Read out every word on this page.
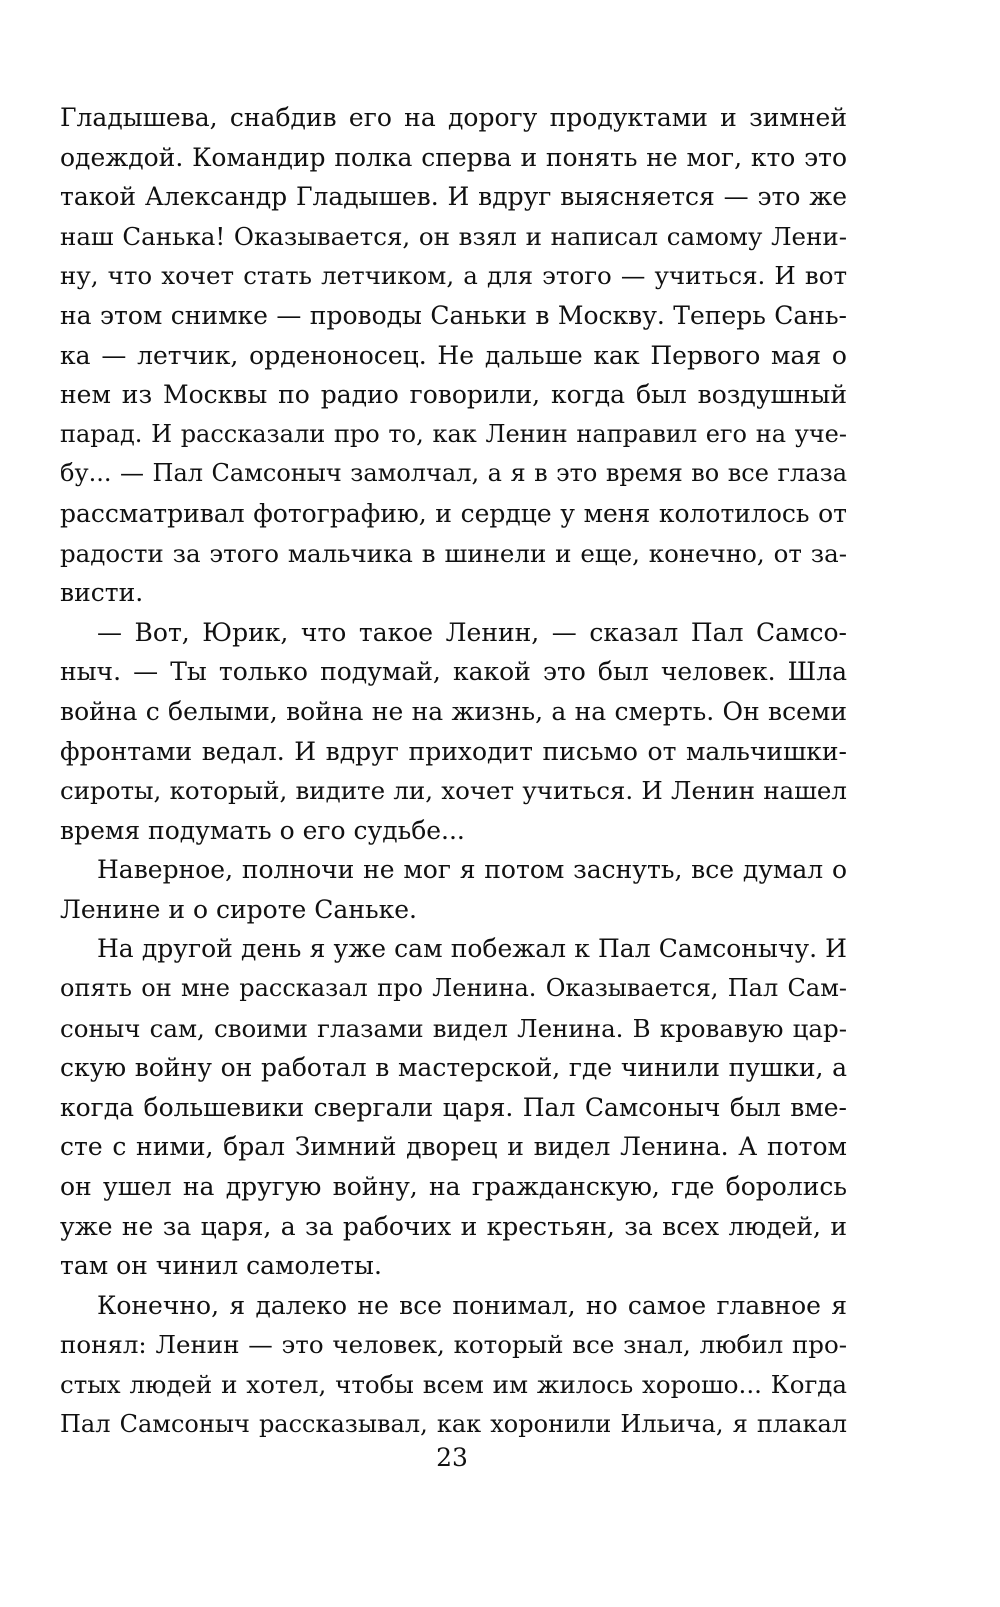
Гладышева, снабдив его на дорогу продуктами и зимней
одеждой. Командир полка сперва и понять не мог, кто это
такой Александр Гладышев. И вдруг выясняется — это же
наш Санька! Оказывается, он взял и написал самому Лени-
ну, что хочет стать летчиком, а для этого — учиться. И вот
на этом снимке — проводы Саньки в Москву. Теперь Сань-
ка — летчик, орденоносец. Не дальше как Первого мая о
нем из Москвы по радио говорили, когда был воздушный
парад. И рассказали про то, как Ленин направил его на уче-
бу... — Пал Самсоныч замолчал, а я в это время во все глаза
рассматривал фотографию, и сердце у меня колотилось от
радости за этого мальчика в шинели и еще, конечно, от за-
висти.
— Вот, Юрик, что такое Ленин, — сказал Пал Самсо-
ныч. — Ты только подумай, какой это был человек. Шла
война с белыми, война не на жизнь, а на смерть. Он всеми
фронтами ведал. И вдруг приходит письмо от мальчишки-
сироты, который, видите ли, хочет учиться. И Ленин нашел
время подумать о его судьбе...
Наверное, полночи не мог я потом заснуть, все думал о
Ленине и о сироте Саньке.
На другой день я уже сам побежал к Пал Самсонычу. И
опять он мне рассказал про Ленина. Оказывается, Пал Сам-
соныч сам, своими глазами видел Ленина. В кровавую цар-
скую войну он работал в мастерской, где чинили пушки, а
когда большевики свергали царя. Пал Самсоныч был вме-
сте с ними, брал Зимний дворец и видел Ленина. А потом
он ушел на другую войну, на гражданскую, где боролись
уже не за царя, а за рабочих и крестьян, за всех людей, и
там он чинил самолеты.
Конечно, я далеко не все понимал, но самое главное я
понял: Ленин — это человек, который все знал, любил про-
стых людей и хотел, чтобы всем им жилось хорошо... Когда
Пал Самсоныч рассказывал, как хоронили Ильича, я плакал
23
